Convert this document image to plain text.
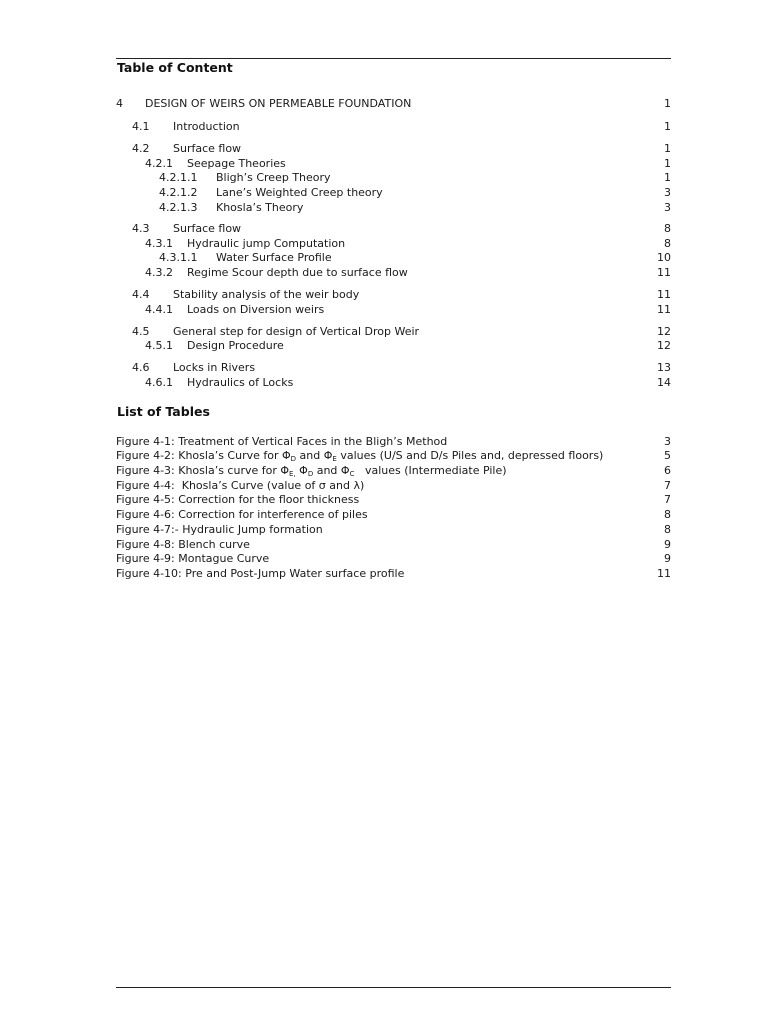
Table of Content
4	DESIGN OF WEIRS ON PERMEABLE FOUNDATION	1
4.1	Introduction	1
4.2	Surface flow	1
4.2.1	Seepage Theories	1
4.2.1.1	Bligh’s Creep Theory	1
4.2.1.2	Lane’s Weighted Creep theory	3
4.2.1.3	Khosla’s Theory	3
4.3	Surface flow	8
4.3.1	Hydraulic jump Computation	8
4.3.1.1	Water Surface Profile	10
4.3.2	Regime Scour depth due to surface flow	11
4.4	Stability analysis of the weir body	11
4.4.1	Loads on Diversion weirs	11
4.5	General step for design of Vertical Drop Weir	12
4.5.1	Design Procedure	12
4.6	Locks in Rivers	13
4.6.1	Hydraulics of Locks	14
List of Tables
Figure 4-1: Treatment of Vertical Faces in the Bligh’s Method	3
Figure 4-2: Khosla’s Curve for $\Phi_D$ and $\Phi_E$ values (U/S and D/s Piles and, depressed floors)	5
Figure 4-3: Khosla’s curve for $\Phi_{E,}$ $\Phi_D$ and $\Phi_C$   values (Intermediate Pile)	6
Figure 4-4:  Khosla’s Curve (value of σ and λ)	7
Figure 4-5: Correction for the floor thickness	7
Figure 4-6: Correction for interference of piles	8
Figure 4-7:- Hydraulic Jump formation	8
Figure 4-8: Blench curve	9
Figure 4-9: Montague Curve	9
Figure 4-10: Pre and Post-Jump Water surface profile	11
